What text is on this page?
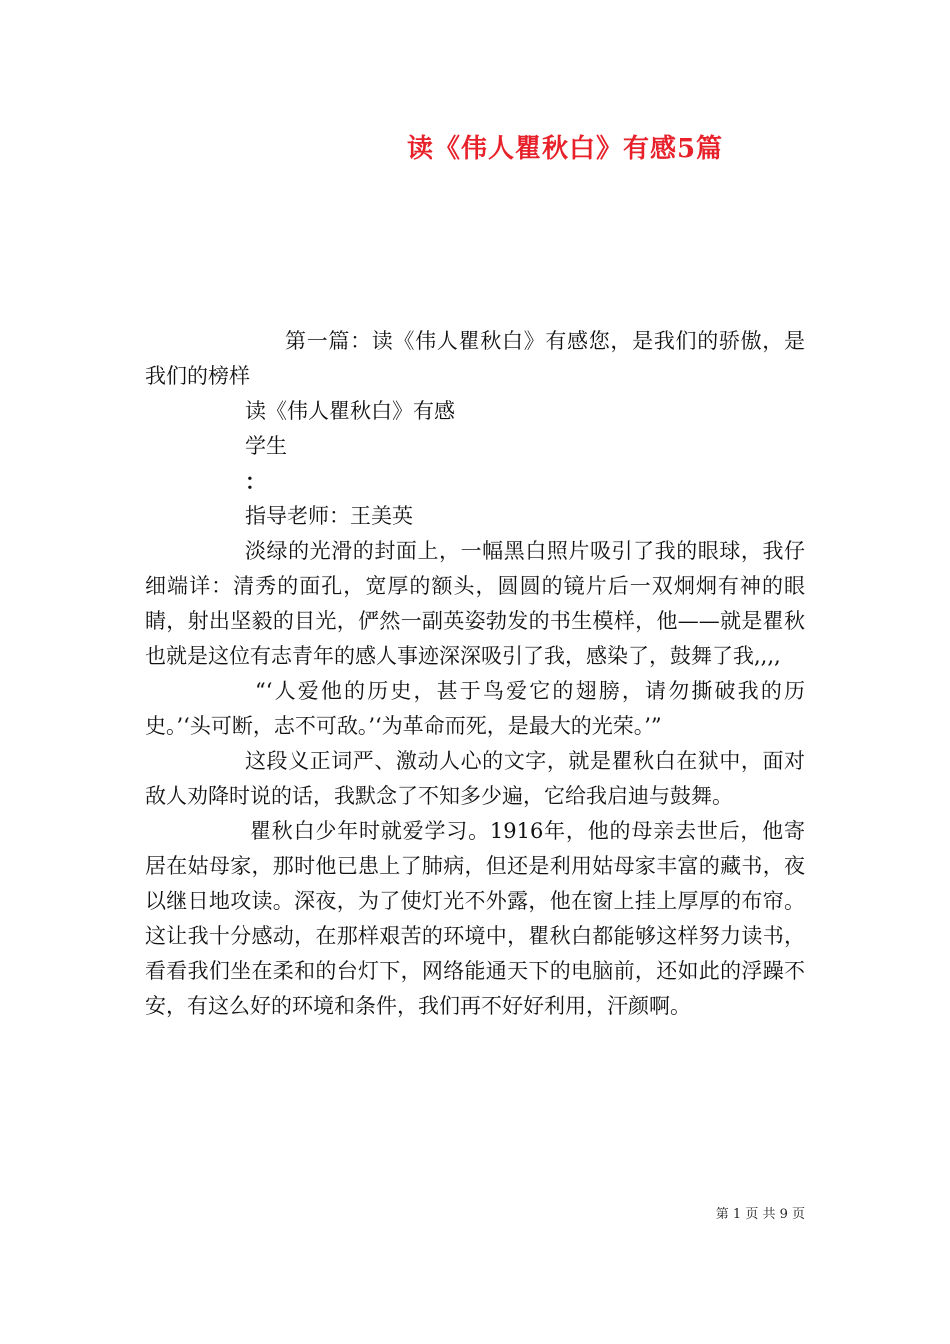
读《伟人瞿秋白》有感5篇

第一篇：读《伟人瞿秋白》有感您，是我们的骄傲，是我们的榜样

读《伟人瞿秋白》有感

学生

：

指导老师：王美英

淡绿的光滑的封面上，一幅黑白照片吸引了我的眼球，我仔细端详：清秀的面孔，宽厚的额头，圆圆的镜片后一双炯炯有神的眼睛，射出坚毅的目光，俨然一副英姿勃发的书生模样，他——就是瞿秋也就是这位有志青年的感人事迹深深吸引了我，感染了，鼓舞了我,,,,

“‘人爱他的历史，甚于鸟爱它的翅膀，请勿撕破我的历史。’‘头可断，志不可敌。’‘为革命而死，是最大的光荣。’”

这段义正词严、激动人心的文字，就是瞿秋白在狱中，面对敌人劝降时说的话，我默念了不知多少遍，它给我启迪与鼓舞。

瞿秋白少年时就爱学习。1916年，他的母亲去世后，他寄居在姑母家，那时他已患上了肺病，但还是利用姑母家丰富的藏书，夜以继日地攻读。深夜，为了使灯光不外露，他在窗上挂上厚厚的布帘。这让我十分感动，在那样艰苦的环境中，瞿秋白都能够这样努力读书，看看我们坐在柔和的台灯下，网络能通天下的电脑前，还如此的浮躁不安，有这么好的环境和条件，我们再不好好利用，汗颜啊。

第 1 页 共 9 页
